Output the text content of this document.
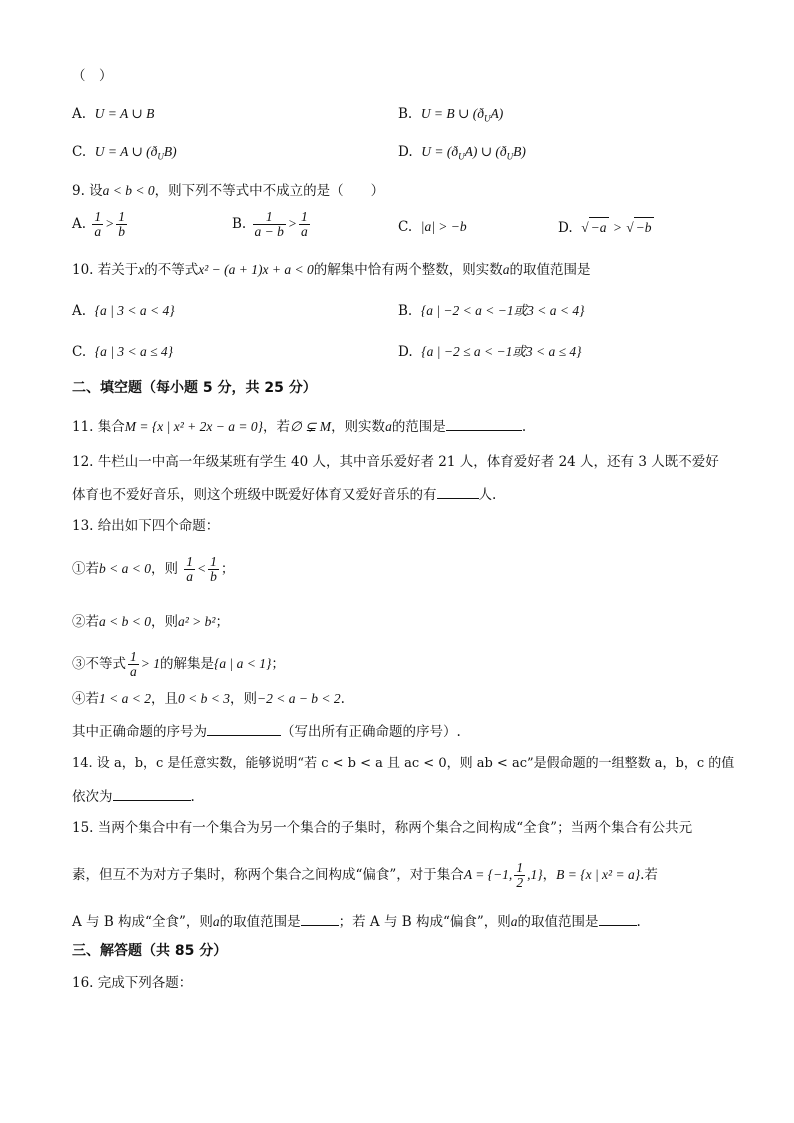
（　）
A. U = A ∪ B	B. U = B ∪ $(ð_UA)$
C. U = A ∪ $(ð_UB)$	D. $U = (ð_UA)$ ∪ $(ð_UB)$
9. 设a < b < 0，则下列不等式中不成立的是（　　）
A. $\frac{1}{a} > \frac{1}{b}$	B. $\frac{1}{a - b} > \frac{1}{a}$	C. |a| > −b	D. √ −a > √ −b
10. 若关于x的不等式x² − (a + 1)x + a < 0的解集中恰有两个整数，则实数a的取值范围是
A. {a | 3 < a < 4}	B. {a | −2 < a < −1或3 < a < 4}
C. {a | 3 < a ≤ 4}	D. {a | −2 ≤ a < −1或3 < a ≤ 4}
二、填空题（每小题 5 分，共 25 分）
11. 集合M = {x | x² + 2x − a = 0}，若∅ ⊊ M，则实数a的范围是	.
12. 牛栏山一中高一年级某班有学生 40 人，其中音乐爱好者 21 人，体育爱好者 24 人，还有 3 人既不爱好
体育也不爱好音乐，则这个班级中既爱好体育又爱好音乐的有	人.
13. 给出如下四个命题：
①若b < a < 0，则 $\frac{1}{a} < \frac{1}{b}$ ；
②若a < b < 0，则a² > b²；
③不等式 $\frac{1}{a} > 1$的解集是{a | a < 1}；
④若1 < a < 2，且0 < b < 3，则−2 < a − b < 2.
其中正确命题的序号为	（写出所有正确命题的序号）.
14. 设 a，b，c 是任意实数，能够说明“若 c < b < a 且 ac < 0，则 ab < ac”是假命题的一组整数 a，b，c 的值
依次为	.
15. 当两个集合中有一个集合为另一个集合的子集时，称两个集合之间构成“全食”；当两个集合有公共元
素，但互不为对方子集时，称两个集合之间构成“偏食”，对于集合A = {−1, $\frac{1}{2} ,1$}，B = {x | x² = a}.若
A 与 B 构成“全食”，则a的取值范围是	；若 A 与 B 构成“偏食”，则a的取值范围是	.
三、解答题（共 85 分）
16. 完成下列各题：
